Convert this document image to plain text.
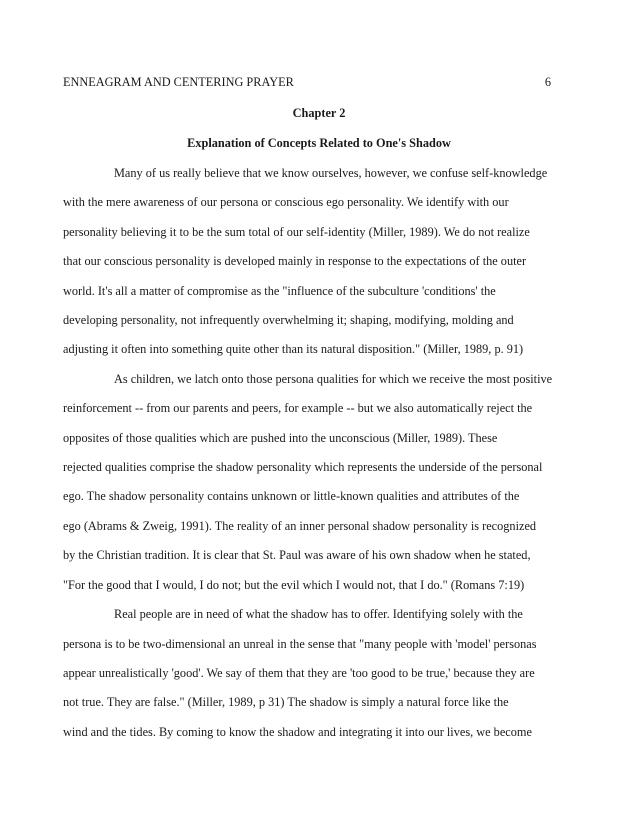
ENNEAGRAM AND CENTERING PRAYER	6
Chapter 2
Explanation of Concepts Related to One's Shadow
Many of us really believe that we know ourselves, however, we confuse self-knowledge
with the mere awareness of our persona or conscious ego personality. We identify with our
personality believing it to be the sum total of our self-identity (Miller, 1989). We do not realize
that our conscious personality is developed mainly in response to the expectations of the outer
world. It's all a matter of compromise as the "influence of the subculture 'conditions' the
developing personality, not infrequently overwhelming it; shaping, modifying, molding and
adjusting it often into something quite other than its natural disposition." (Miller, 1989, p. 91)
As children, we latch onto those persona qualities for which we receive the most positive
reinforcement -- from our parents and peers, for example -- but we also automatically reject the
opposites of those qualities which are pushed into the unconscious (Miller, 1989). These
rejected qualities comprise the shadow personality which represents the underside of the personal
ego. The shadow personality contains unknown or little-known qualities and attributes of the
ego (Abrams & Zweig, 1991). The reality of an inner personal shadow personality is recognized
by the Christian tradition. It is clear that St. Paul was aware of his own shadow when he stated,
"For the good that I would, I do not; but the evil which I would not, that I do." (Romans 7:19)
Real people are in need of what the shadow has to offer. Identifying solely with the
persona is to be two-dimensional an unreal in the sense that "many people with 'model' personas
appear unrealistically 'good'. We say of them that they are 'too good to be true,' because they are
not true. They are false." (Miller, 1989, p 31) The shadow is simply a natural force like the
wind and the tides. By coming to know the shadow and integrating it into our lives, we become
